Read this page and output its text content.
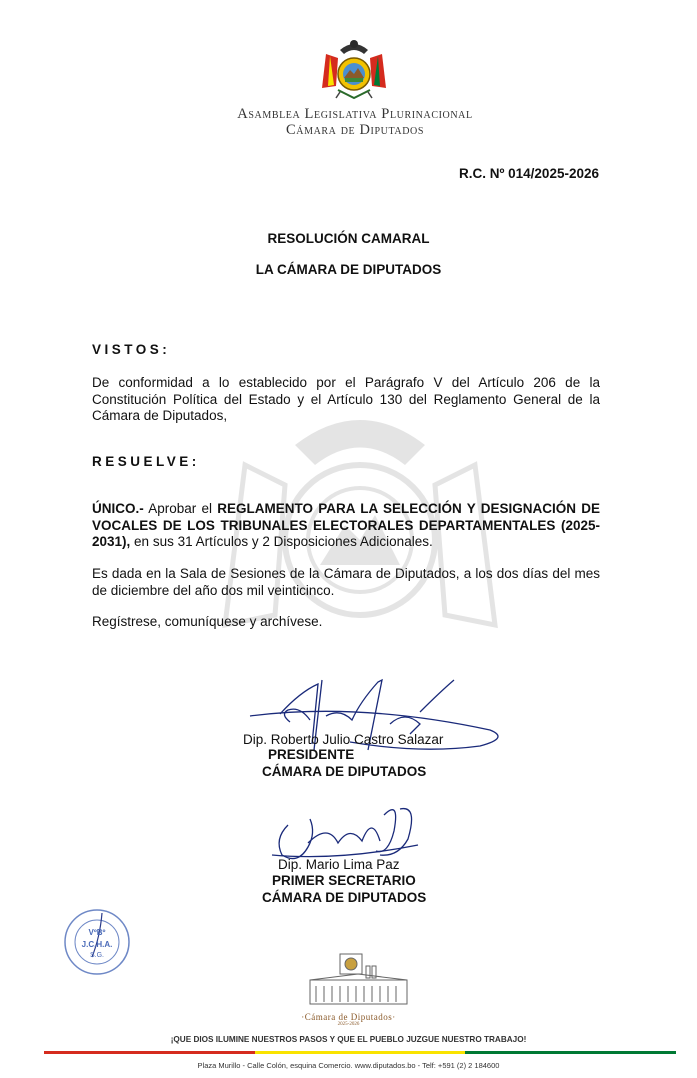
Asamblea Legislativa Plurinacional
Cámara de Diputados
R.C. Nº 014/2025-2026
RESOLUCIÓN CAMARAL
LA CÁMARA DE DIPUTADOS
VISTOS:
De conformidad a lo establecido por el Parágrafo V del Artículo 206 de la Constitución Política del Estado y el Artículo 130 del Reglamento General de la Cámara de Diputados,
RESUELVE:
ÚNICO.- Aprobar el REGLAMENTO PARA LA SELECCIÓN Y DESIGNACIÓN DE VOCALES DE LOS TRIBUNALES ELECTORALES DEPARTAMENTALES (2025-2031), en sus 31 Artículos y 2 Disposiciones Adicionales.
Es dada en la Sala de Sesiones de la Cámara de Diputados, a los dos días del mes de diciembre del año dos mil veinticinco.
Regístrese, comuníquese y archívese.
Dip. Roberto Julio Castro Salazar
PRESIDENTE
CÁMARA DE DIPUTADOS
Dip. Mario Lima Paz
PRIMER SECRETARIO
CÁMARA DE DIPUTADOS
VºBº
J.C.H.A.
S.G.
·Cámara de Diputados·
2025-2026
¡QUE DIOS ILUMINE NUESTROS PASOS Y QUE EL PUEBLO JUZGUE NUESTRO TRABAJO!
Plaza Murillo - Calle Colón, esquina Comercio. www.diputados.bo - Telf: +591 (2) 2 184600
